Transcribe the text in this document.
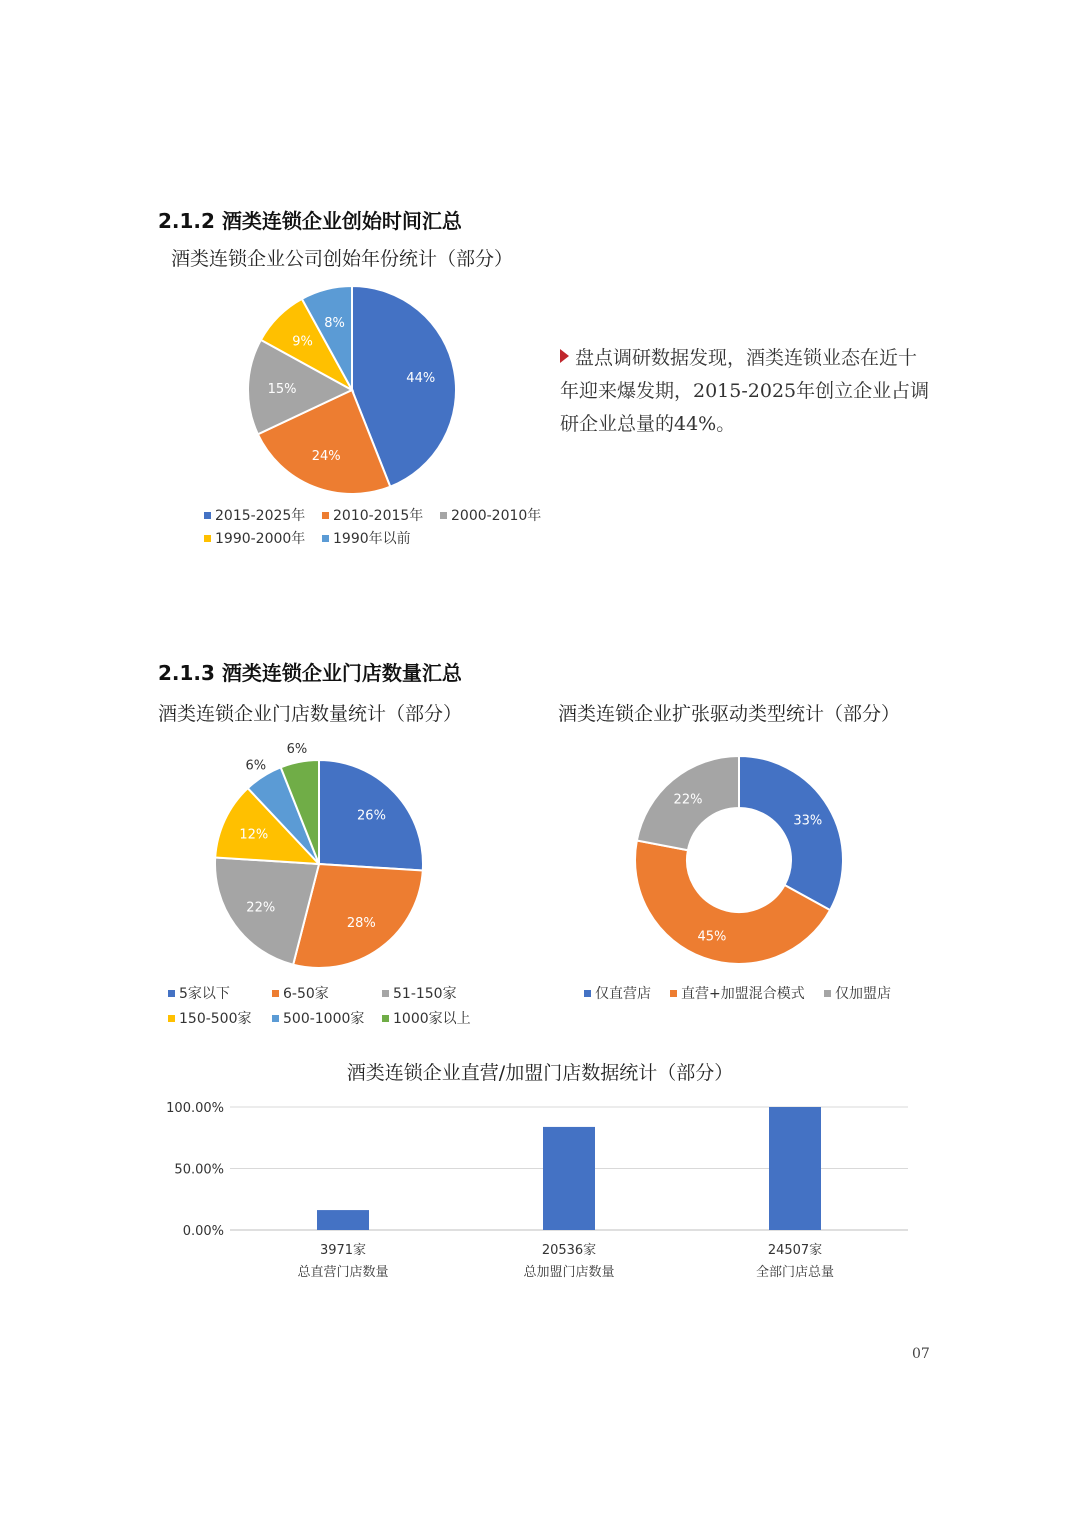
2.1.2 酒类连锁企业创始时间汇总
酒类连锁企业公司创始年份统计（部分）
44%
24%
15%
9%
8%
2015-2025年 2010-2015年 2000-2010年
1990-2000年 1990年以前
盘点调研数据发现，酒类连锁业态在近十年迎来爆发期，2015-2025年创立企业占调研企业总量的44%。
2.1.3 酒类连锁企业门店数量汇总
酒类连锁企业门店数量统计（部分）	酒类连锁企业扩张驱动类型统计（部分）
26%
28%
22%
12%
6%
6%
5家以下	6-50家	51-150家
150-500家 500-1000家 1000家以上
33%
45%
22%
仅直营店 直营+加盟混合模式 仅加盟店
酒类连锁企业直营/加盟门店数据统计（部分）
100.00%
50.00%
0.00%
3971家
总直营门店数量
20536家
总加盟门店数量
24507家
全部门店总量
07
